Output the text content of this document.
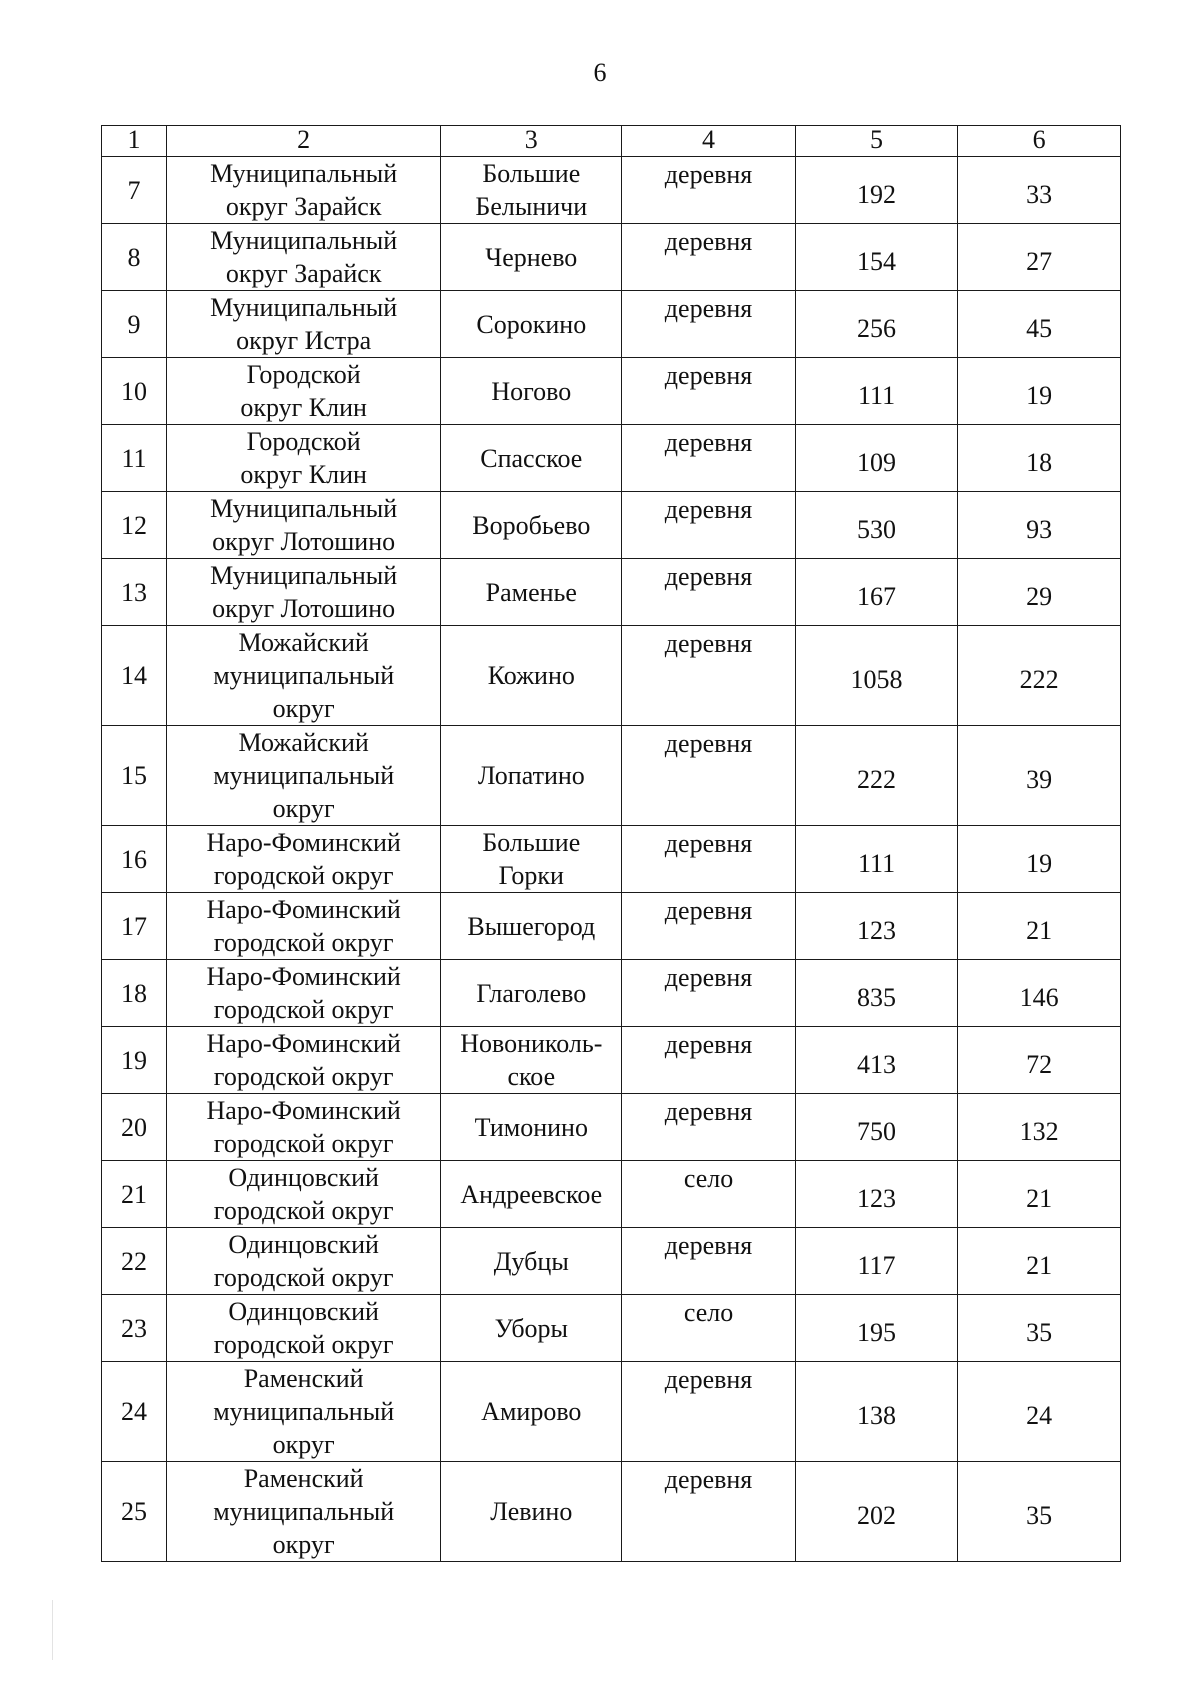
6
1	2	3	4	5	6
7	Муниципальный округ Зарайск	Большие Белыничи	деревня	192	33
8	Муниципальный округ Зарайск	Чернево	деревня	154	27
9	Муниципальный округ Истра	Сорокино	деревня	256	45
10	Городской округ Клин	Ногово	деревня	111	19
11	Городской округ Клин	Спасское	деревня	109	18
12	Муниципальный округ Лотошино	Воробьево	деревня	530	93
13	Муниципальный округ Лотошино	Раменье	деревня	167	29
14	Можайский муниципальный округ	Кожино	деревня	1058	222
15	Можайский муниципальный округ	Лопатино	деревня	222	39
16	Наро-Фоминский городской округ	Большие Горки	деревня	111	19
17	Наро-Фоминский городской округ	Вышегород	деревня	123	21
18	Наро-Фоминский городской округ	Глаголево	деревня	835	146
19	Наро-Фоминский городской округ	Новониколь-ское	деревня	413	72
20	Наро-Фоминский городской округ	Тимонино	деревня	750	132
21	Одинцовский городской округ	Андреевское	село	123	21
22	Одинцовский городской округ	Дубцы	деревня	117	21
23	Одинцовский городской округ	Уборы	село	195	35
24	Раменский муниципальный округ	Амирово	деревня	138	24
25	Раменский муниципальный округ	Левино	деревня	202	35
